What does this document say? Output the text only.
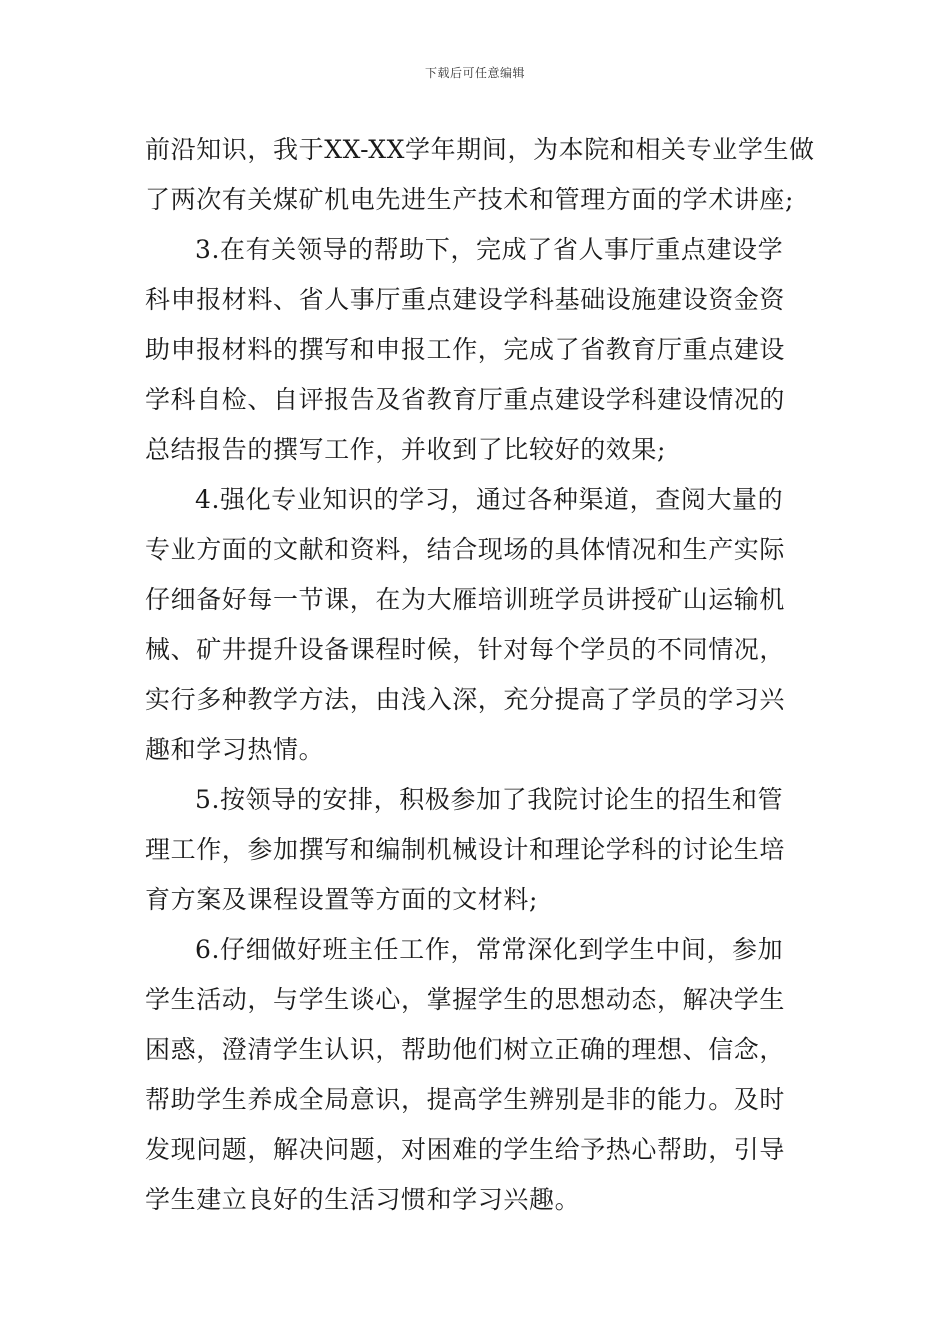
下载后可任意编辑
前沿知识，我于XX-XX学年期间，为本院和相关专业学生做
了两次有关煤矿机电先进生产技术和管理方面的学术讲座;
3.在有关领导的帮助下，完成了省人事厅重点建设学
科申报材料、省人事厅重点建设学科基础设施建设资金资
助申报材料的撰写和申报工作，完成了省教育厅重点建设
学科自检、自评报告及省教育厅重点建设学科建设情况的
总结报告的撰写工作，并收到了比较好的效果;
4.强化专业知识的学习，通过各种渠道，查阅大量的
专业方面的文献和资料，结合现场的具体情况和生产实际
仔细备好每一节课，在为大雁培训班学员讲授矿山运输机
械、矿井提升设备课程时候，针对每个学员的不同情况，
实行多种教学方法，由浅入深，充分提高了学员的学习兴
趣和学习热情。
5.按领导的安排，积极参加了我院讨论生的招生和管
理工作，参加撰写和编制机械设计和理论学科的讨论生培
育方案及课程设置等方面的文材料;
6.仔细做好班主任工作，常常深化到学生中间，参加
学生活动，与学生谈心，掌握学生的思想动态，解决学生
困惑，澄清学生认识，帮助他们树立正确的理想、信念，
帮助学生养成全局意识，提高学生辨别是非的能力。及时
发现问题，解决问题，对困难的学生给予热心帮助，引导
学生建立良好的生活习惯和学习兴趣。
